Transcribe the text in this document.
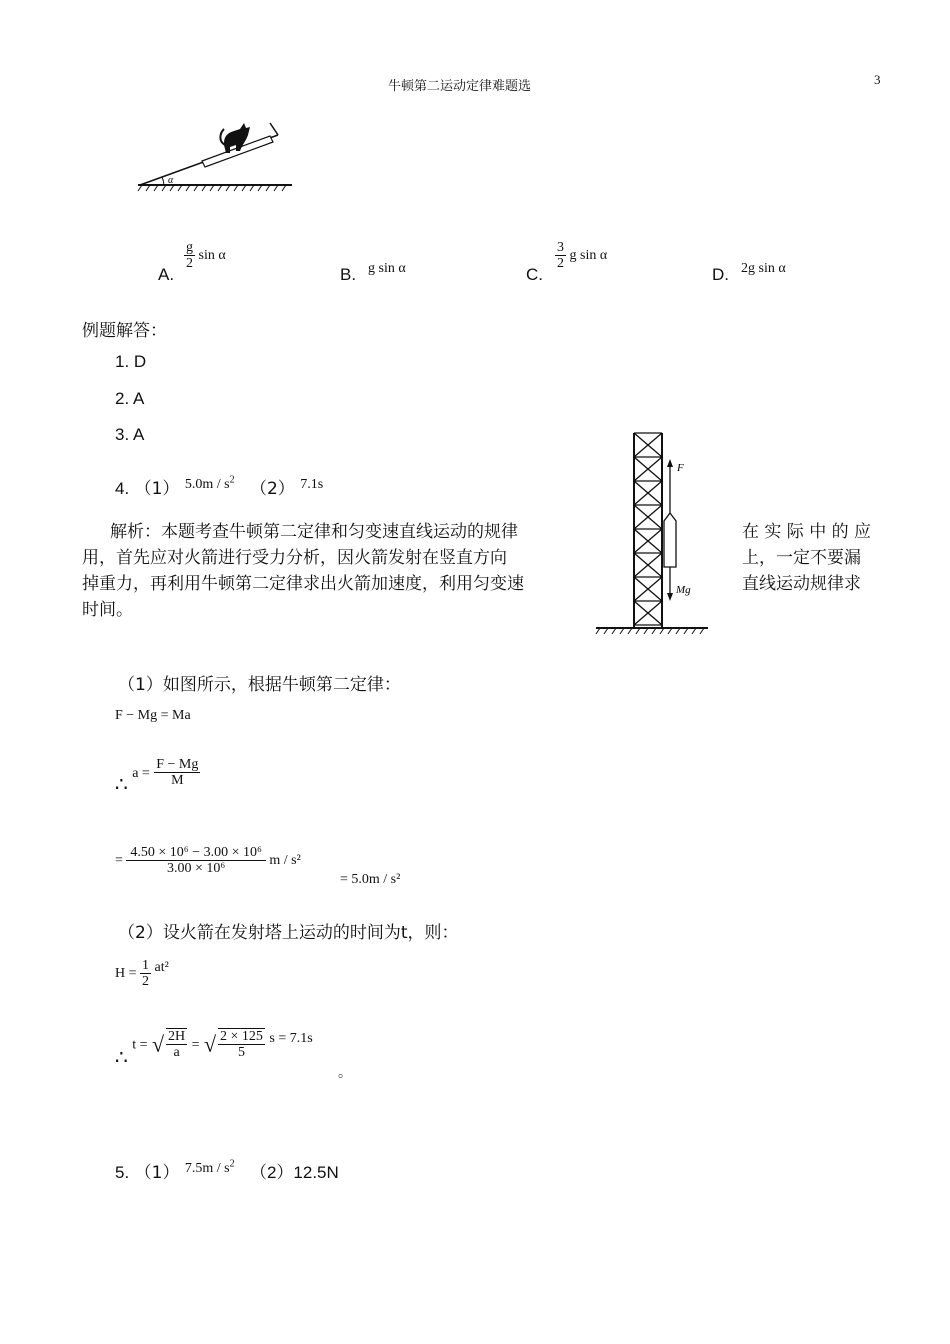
牛顿第二运动定律难题选	3
α
A.
$\frac{g}{2}$ sin α
B. g sin α	C.
$\frac{3}{2}$ g sin α
D. 2g sin α
例题解答：
1. D
2. A
3. A
4. （1） $^{5.0m / s^2}$ （2） $^{7.1s}$
解析：本题考查牛顿第二定律和匀变速直线运动的规律	在 实 际 中 的 应
用，首先应对火箭进行受力分析，因火箭发射在竖直方向	上，一定不要漏
掉重力，再利用牛顿第二定律求出火箭加速度，利用匀变速	直线运动规律求
时间。
F
Mg
（1）如图所示，根据牛顿第二定律：
F − Mg = Ma
∴ $a = \frac{F - Mg}{M}$
= $\frac{\text{4.50 × 10⁶ − 3.00 × 10⁶}}{\text{3.00 × 10⁶}}$ m / s²
= 5.0m / s²
（2）设火箭在发射塔上运动的时间为t，则：
$H = \frac{1}{2} at^2$
∴ t = √ $\frac{2H}{a}$ = √ $\frac{2 \times 125}{5}$ s = 7.1s
。
5. （1） $^{7.5m / s^2}$ （2）12.5N
